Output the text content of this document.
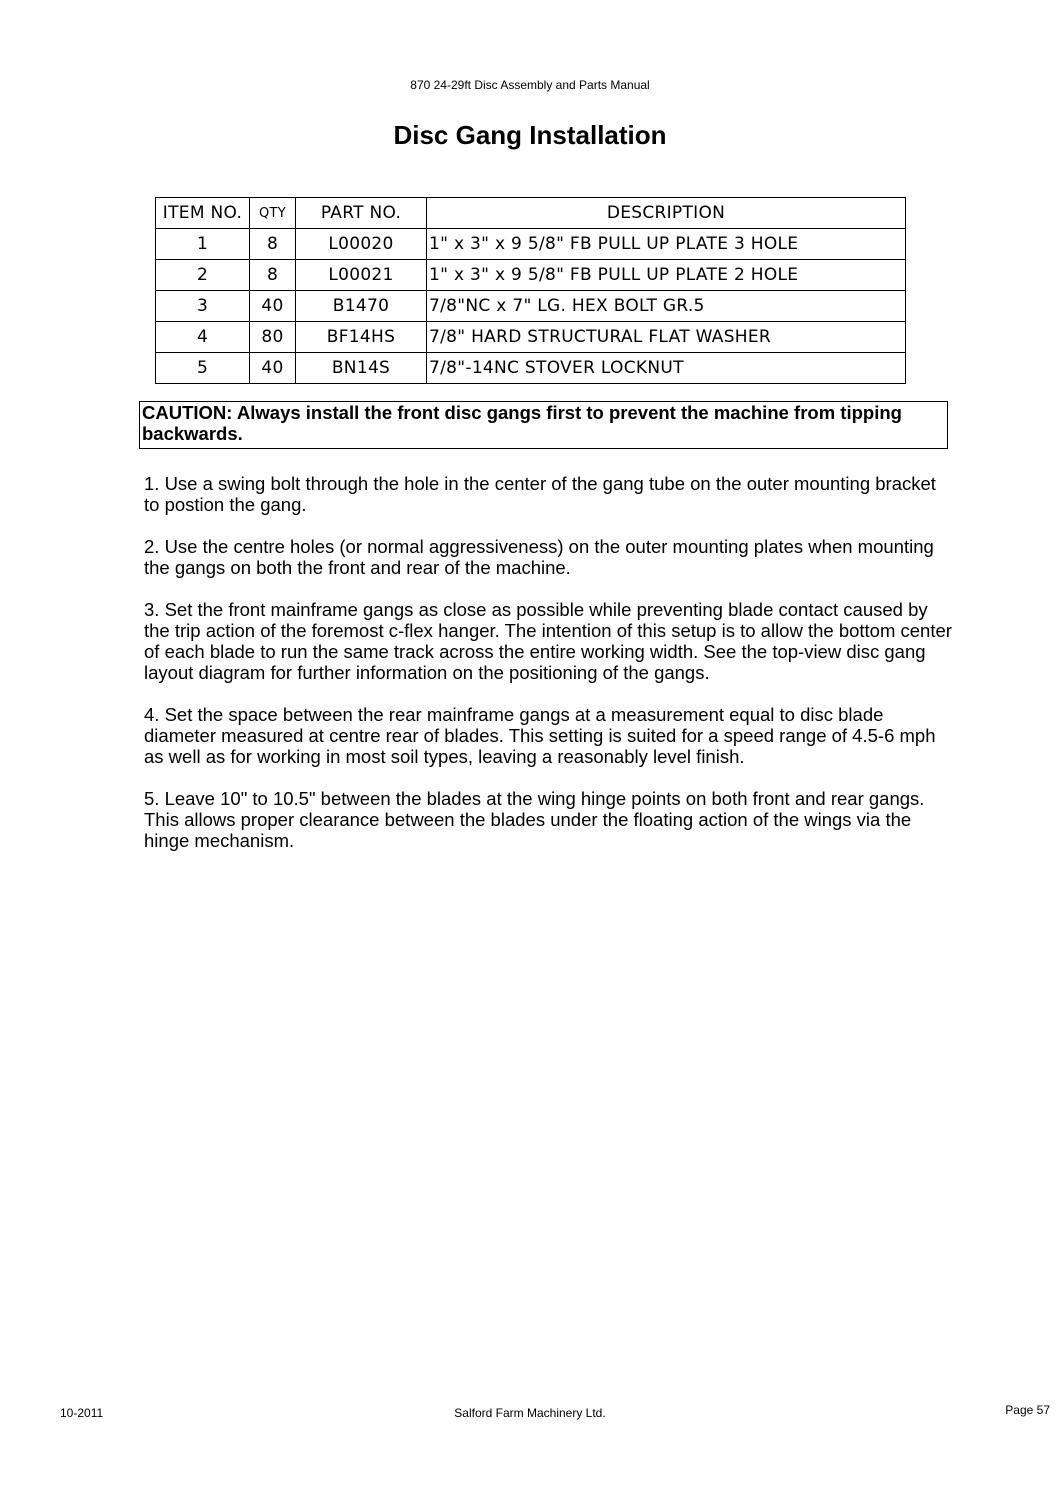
870 24-29ft Disc Assembly and Parts Manual
Disc Gang Installation
ITEM NO.	QTY	PART NO.	DESCRIPTION
1	8	L00020	1" x 3" x 9 5/8" FB PULL UP PLATE 3 HOLE
2	8	L00021	1" x 3" x 9 5/8" FB PULL UP PLATE 2 HOLE
3	40	B1470	7/8"NC x 7" LG. HEX BOLT GR.5
4	80	BF14HS	7/8" HARD STRUCTURAL FLAT WASHER
5	40	BN14S	7/8"-14NC STOVER LOCKNUT
CAUTION: Always install the front disc gangs first to prevent the machine from tipping backwards.

1. Use a swing bolt through the hole in the center of the gang tube on the outer mounting bracket to postion the gang.

2. Use the centre holes (or normal aggressiveness) on the outer mounting plates when mounting the gangs on both the front and rear of the machine.

3. Set the front mainframe gangs as close as possible while preventing blade contact caused by the trip action of the foremost c-flex hanger. The intention of this setup is to allow the bottom center of each blade to run the same track across the entire working width. See the top-view disc gang layout diagram for further information on the positioning of the gangs.

4. Set the space between the rear mainframe gangs at a measurement equal to disc blade diameter measured at centre rear of blades. This setting is suited for a speed range of 4.5-6 mph as well as for working in most soil types, leaving a reasonably level finish.

5. Leave 10" to 10.5" between the blades at the wing hinge points on both front and rear gangs. This allows proper clearance between the blades under the floating action of the wings via the hinge mechanism.

10-2011	Salford Farm Machinery Ltd.	Page 57
